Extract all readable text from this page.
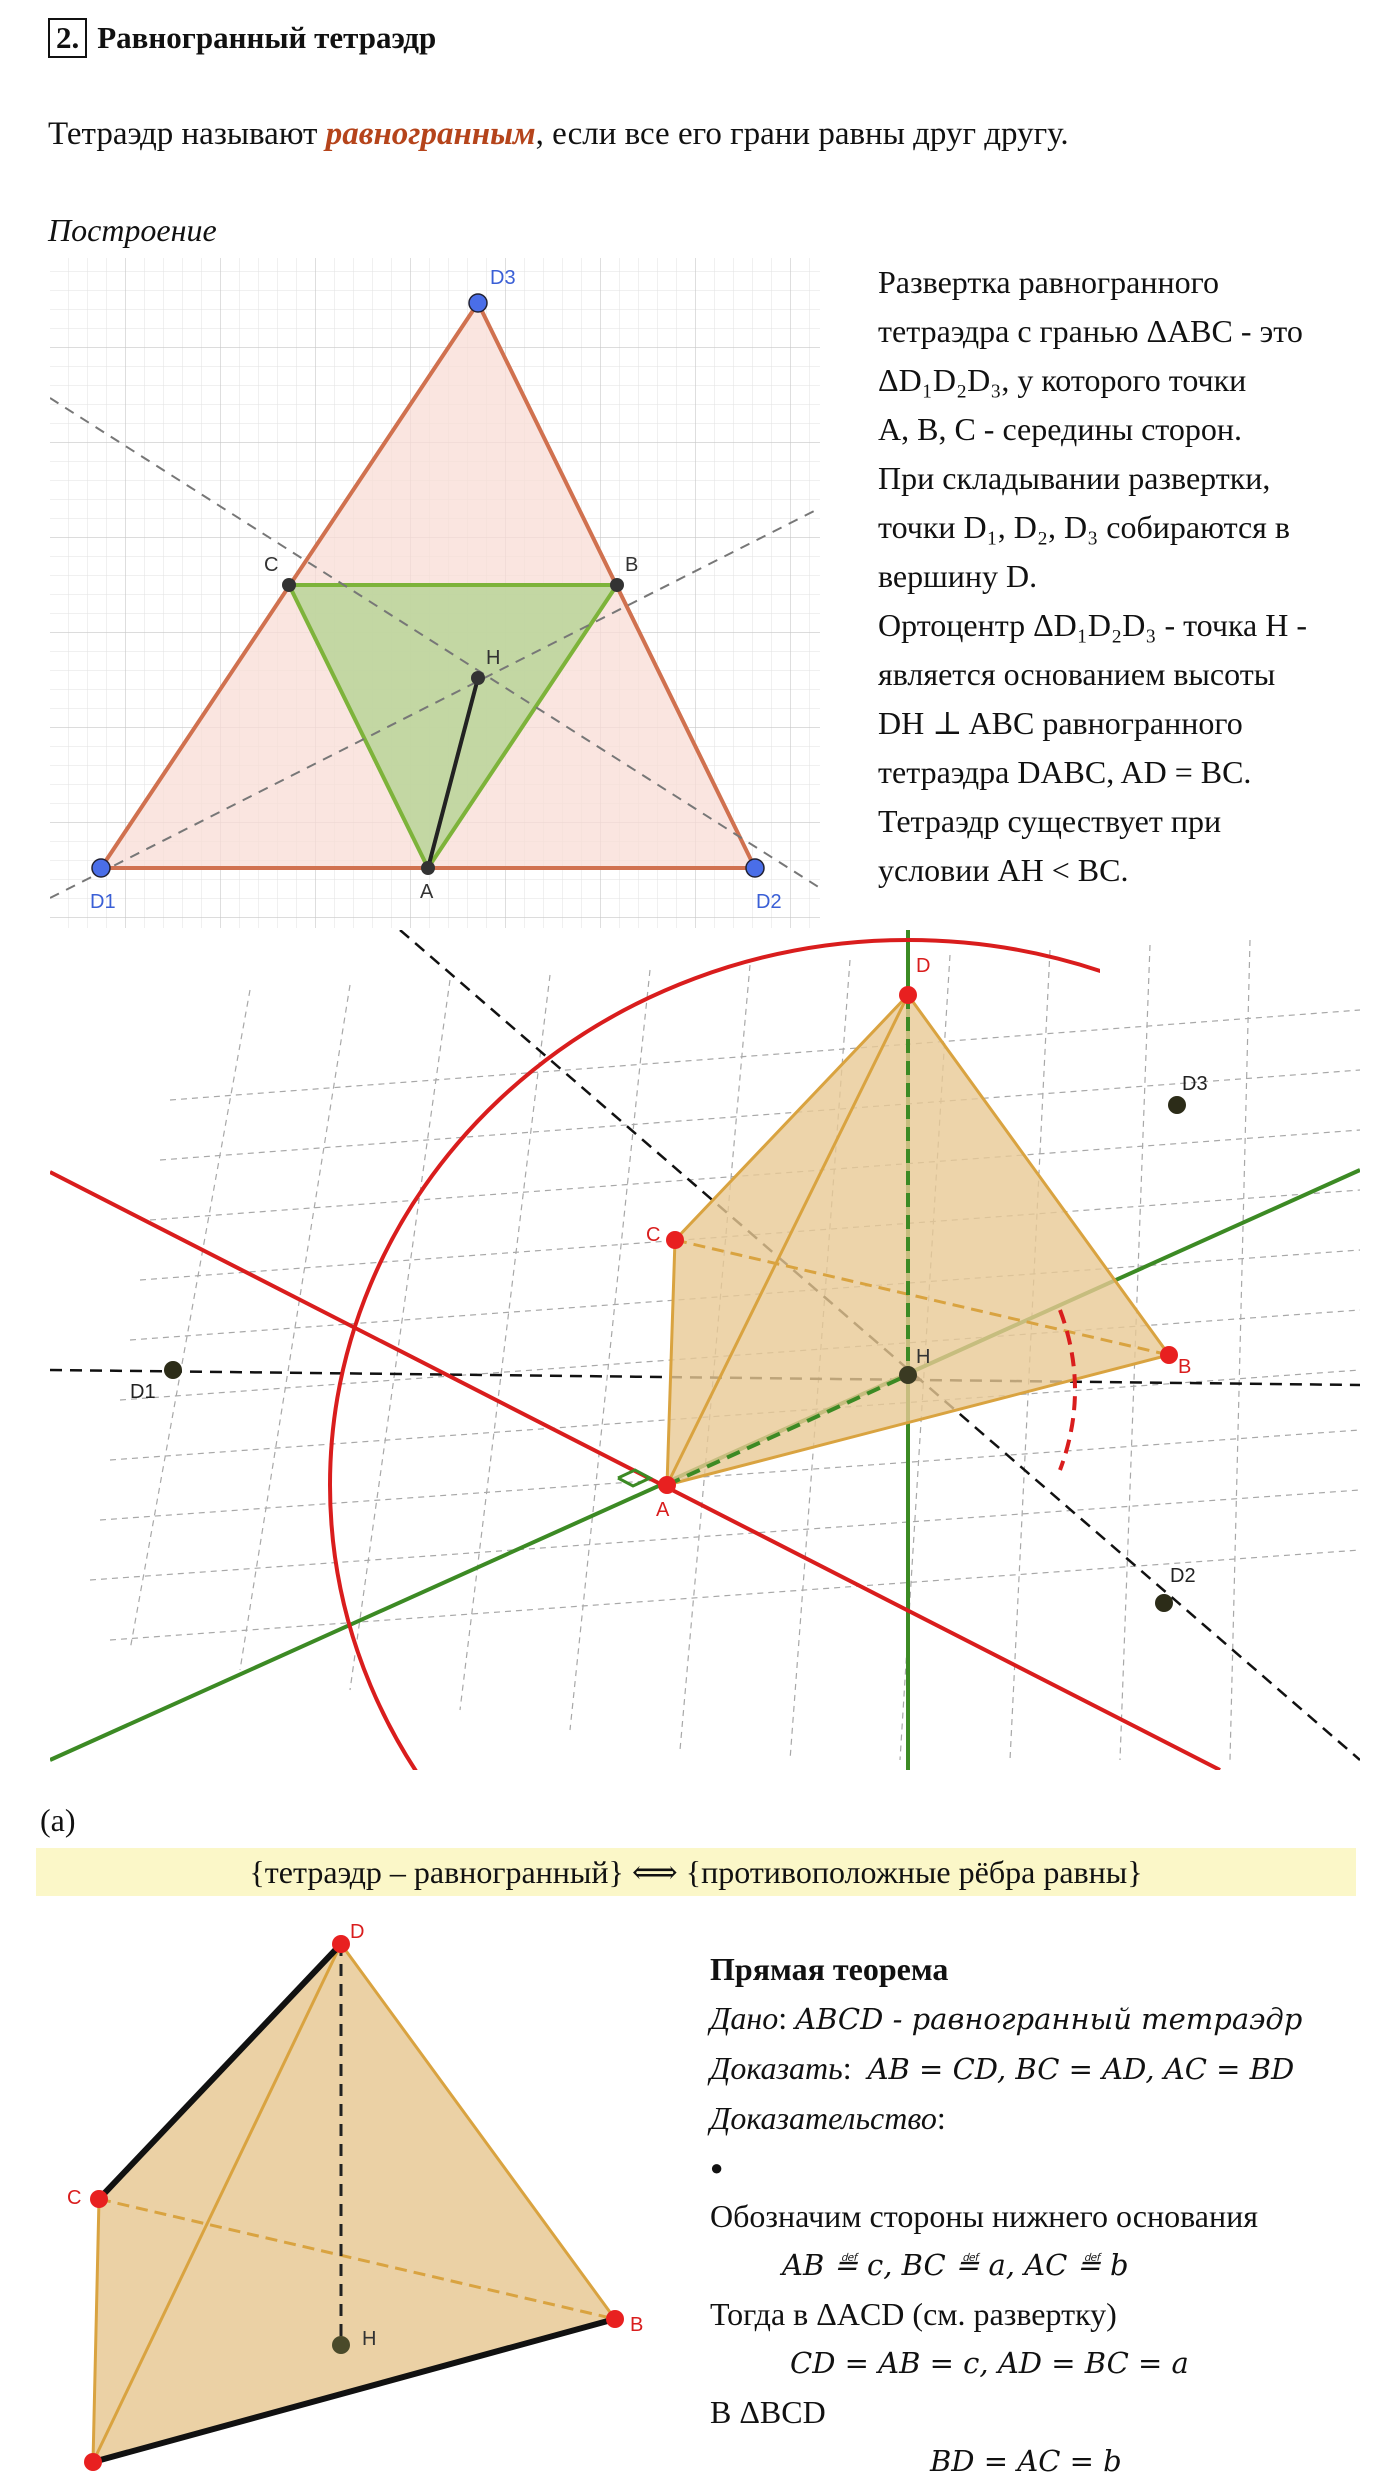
2. Равногранный тетраэдр
Тетраэдр называют равногранным, если все его грани равны друг другу.
Построение
D3
D1	D2
C	B
A
H
Развертка равногранного
тетраэдра с гранью ΔABC - это
ΔD₁D₂D₃, у которого точки
A, B, C - середины сторон.
При складывании развертки,
точки D₁, D₂, D₃ собираются в
вершину D.
Ортоцентр ΔD₁D₂D₃ - точка H -
является основанием высоты
DH ⊥ ABC равногранного
тетраэдра DABC, AD = BC.
Тетраэдр существует при
условии AH < BC.
D
C
B
A
H
D1
D2
D3
(a)
{тетраэдр – равногранный} ⟺ {противоположные рёбра равны}
D
C
B
H
Прямая теорема
Дано: ABCD - равногранный тетраэдр
Доказать:  AB = CD, BC = AD, AC = BD
Доказательство:
●
Обозначим стороны нижнего основания
AB ≝ c, BC ≝ a, AC ≝ b
Тогда в ΔACD (см. развертку)
CD = AB = c, AD = BC = a
В ΔBCD
BD = AC = b
